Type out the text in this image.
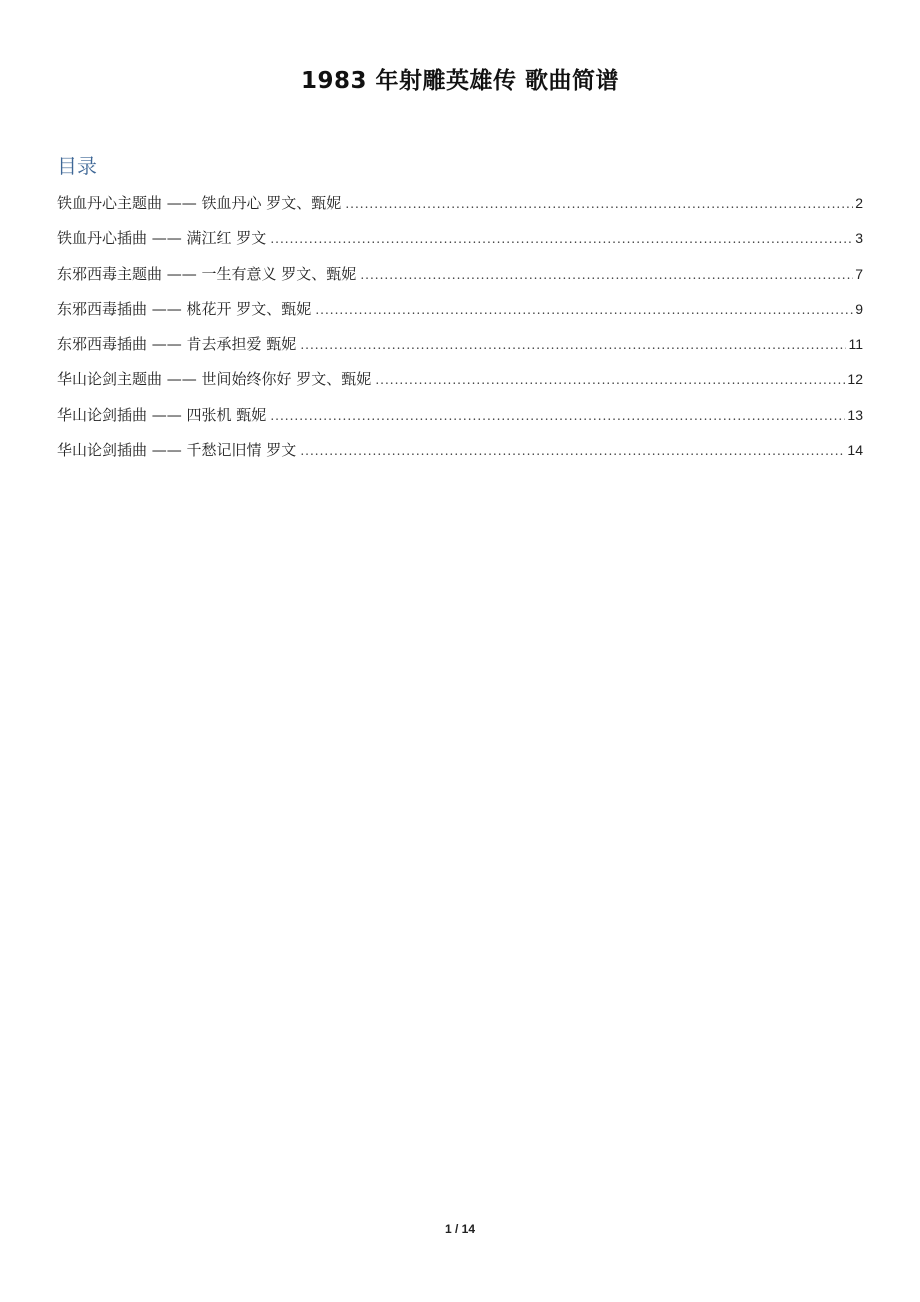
1983 年射雕英雄传 歌曲简谱
目录
铁血丹心主题曲 —— 铁血丹心 罗文、甄妮 .....	2
铁血丹心插曲 —— 满江红 罗文 .....	3
东邪西毒主题曲 —— 一生有意义 罗文、甄妮 .....	7
东邪西毒插曲 —— 桃花开 罗文、甄妮 .....	9
东邪西毒插曲 —— 肯去承担爱 甄妮 .....	11
华山论剑主题曲 —— 世间始终你好 罗文、甄妮 .....	12
华山论剑插曲 —— 四张机 甄妮 .....	13
华山论剑插曲 —— 千愁记旧情 罗文 .....	14
1 / 14
